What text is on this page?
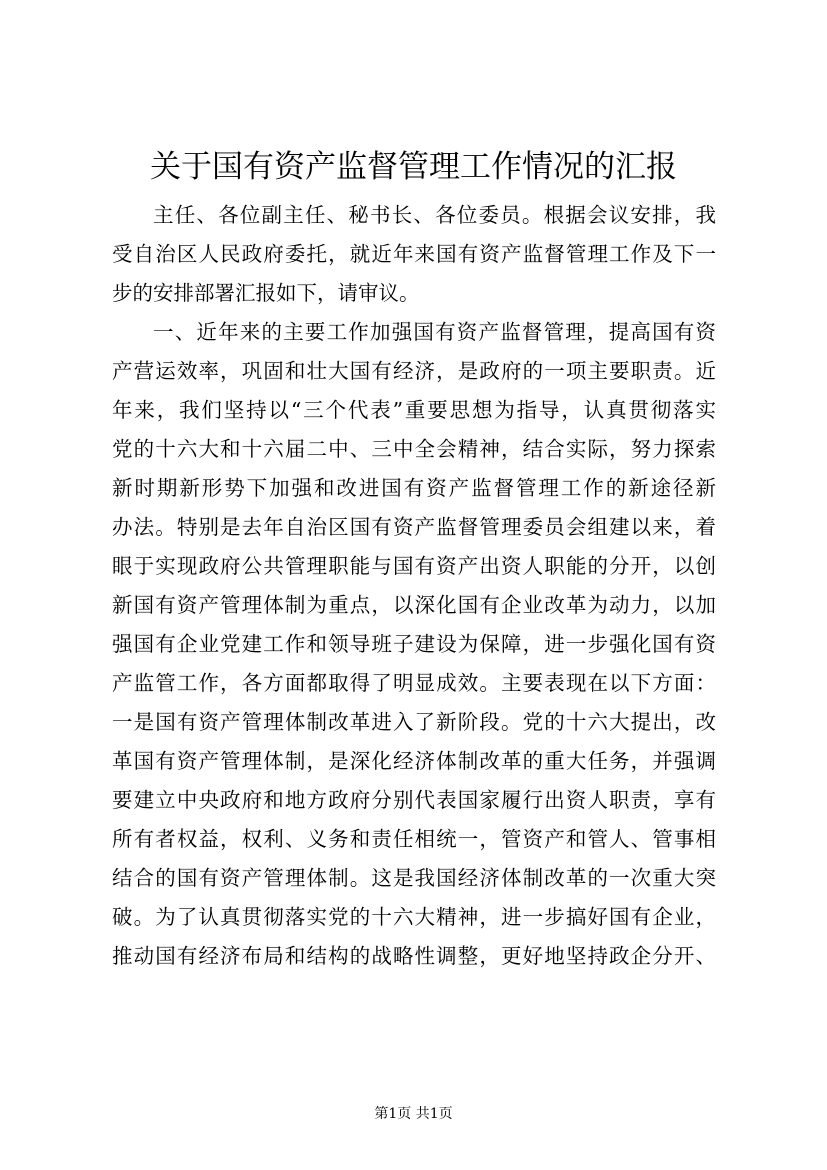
关于国有资产监督管理工作情况的汇报
主任、各位副主任、秘书长、各位委员。根据会议安排，我
受自治区人民政府委托，就近年来国有资产监督管理工作及下一
步的安排部署汇报如下，请审议。
一、近年来的主要工作加强国有资产监督管理，提高国有资
产营运效率，巩固和壮大国有经济，是政府的一项主要职责。近
年来，我们坚持以“三个代表”重要思想为指导，认真贯彻落实
党的十六大和十六届二中、三中全会精神，结合实际，努力探索
新时期新形势下加强和改进国有资产监督管理工作的新途径新
办法。特别是去年自治区国有资产监督管理委员会组建以来，着
眼于实现政府公共管理职能与国有资产出资人职能的分开，以创
新国有资产管理体制为重点，以深化国有企业改革为动力，以加
强国有企业党建工作和领导班子建设为保障，进一步强化国有资
产监管工作，各方面都取得了明显成效。主要表现在以下方面：
一是国有资产管理体制改革进入了新阶段。党的十六大提出，改
革国有资产管理体制，是深化经济体制改革的重大任务，并强调
要建立中央政府和地方政府分别代表国家履行出资人职责，享有
所有者权益，权利、义务和责任相统一，管资产和管人、管事相
结合的国有资产管理体制。这是我国经济体制改革的一次重大突
破。为了认真贯彻落实党的十六大精神，进一步搞好国有企业，
推动国有经济布局和结构的战略性调整，更好地坚持政企分开、
第1页 共1页
